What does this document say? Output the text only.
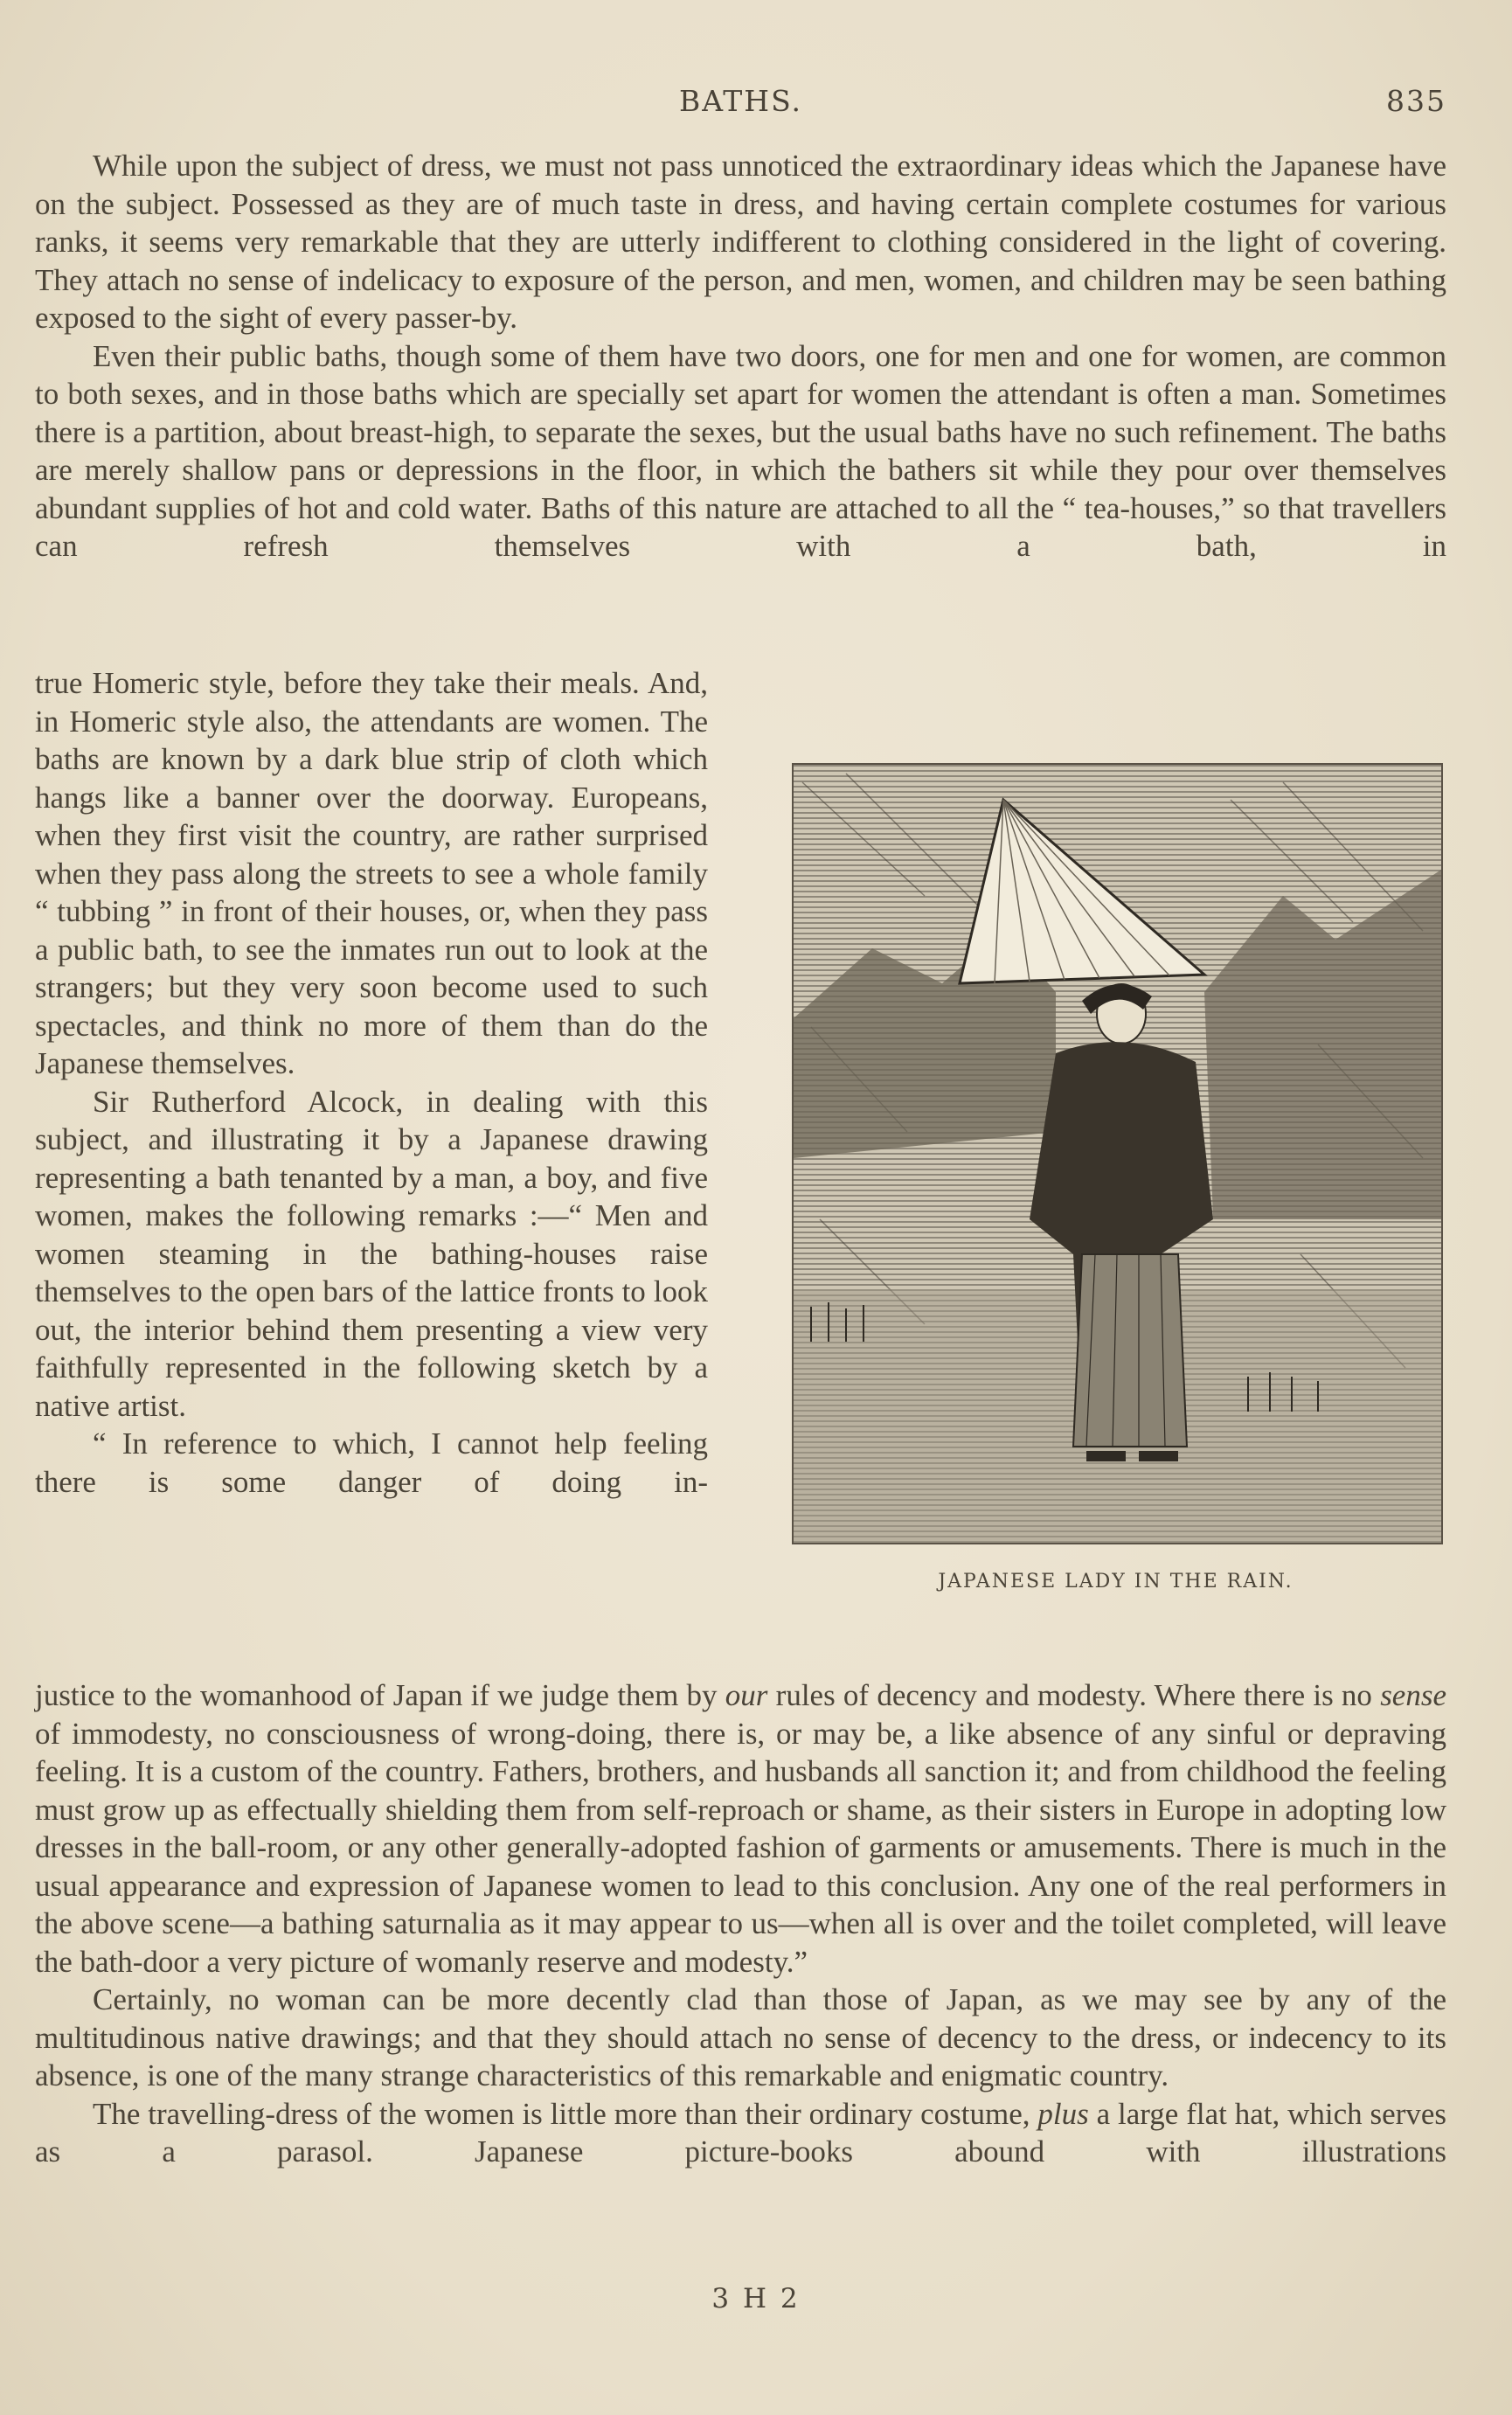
BATHS.	835

While upon the subject of dress, we must not pass unnoticed the extraordinary ideas which the Japanese have on the subject. Possessed as they are of much taste in dress, and having certain complete costumes for various ranks, it seems very remarkable that they are utterly indifferent to clothing considered in the light of covering. They attach no sense of indelicacy to exposure of the person, and men, women, and children may be seen bathing exposed to the sight of every passer-by.

Even their public baths, though some of them have two doors, one for men and one for women, are common to both sexes, and in those baths which are specially set apart for women the attendant is often a man. Sometimes there is a partition, about breast-high, to separate the sexes, but the usual baths have no such refinement. The baths are merely shallow pans or depressions in the floor, in which the bathers sit while they pour over themselves abundant supplies of hot and cold water. Baths of this nature are attached to all the “ tea-houses,” so that travellers can refresh themselves with a bath, in

true Homeric style, before they take their meals. And, in Homeric style also, the attendants are women. The baths are known by a dark blue strip of cloth which hangs like a banner over the doorway. Europeans, when they first visit the country, are rather surprised when they pass along the streets to see a whole family “ tubbing ” in front of their houses, or, when they pass a public bath, to see the inmates run out to look at the strangers; but they very soon become used to such spectacles, and think no more of them than do the Japanese themselves.

Sir Rutherford Alcock, in dealing with this subject, and illustrating it by a Japanese drawing representing a bath tenanted by a man, a boy, and five women, makes the following remarks :—“ Men and women steaming in the bathing-houses raise themselves to the open bars of the lattice fronts to look out, the interior behind them presenting a view very faithfully represented in the following sketch by a native artist.

“ In reference to which, I cannot help feeling there is some danger of doing in-

JAPANESE LADY IN THE RAIN.

justice to the womanhood of Japan if we judge them by our rules of decency and modesty. Where there is no sense of immodesty, no consciousness of wrong-doing, there is, or may be, a like absence of any sinful or depraving feeling. It is a custom of the country. Fathers, brothers, and husbands all sanction it; and from childhood the feeling must grow up as effectually shielding them from self-reproach or shame, as their sisters in Europe in adopting low dresses in the ball-room, or any other generally-adopted fashion of garments or amusements. There is much in the usual appearance and expression of Japanese women to lead to this conclusion. Any one of the real performers in the above scene—a bathing saturnalia as it may appear to us—when all is over and the toilet completed, will leave the bath-door a very picture of womanly reserve and modesty.”

Certainly, no woman can be more decently clad than those of Japan, as we may see by any of the multitudinous native drawings; and that they should attach no sense of decency to the dress, or indecency to its absence, is one of the many strange characteristics of this remarkable and enigmatic country.

The travelling-dress of the women is little more than their ordinary costume, plus a large flat hat, which serves as a parasol. Japanese picture-books abound with illustrations

3 H 2
